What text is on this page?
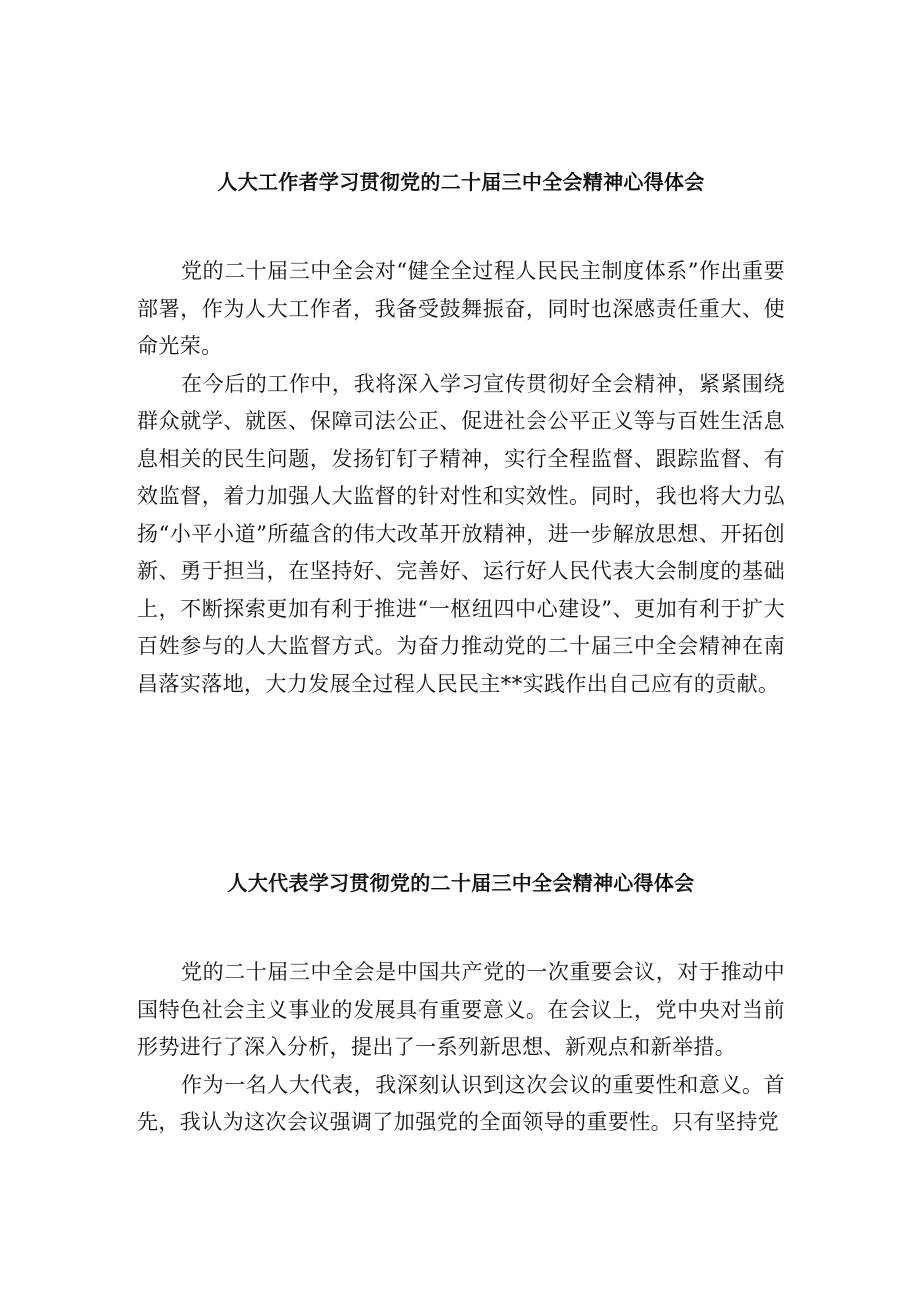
人大工作者学习贯彻党的二十届三中全会精神心得体会

党的二十届三中全会对“健全全过程人民民主制度体系”作出重要部署，作为人大工作者，我备受鼓舞振奋，同时也深感责任重大、使命光荣。

在今后的工作中，我将深入学习宣传贯彻好全会精神，紧紧围绕群众就学、就医、保障司法公正、促进社会公平正义等与百姓生活息息相关的民生问题，发扬钉钉子精神，实行全程监督、跟踪监督、有效监督，着力加强人大监督的针对性和实效性。同时，我也将大力弘扬“小平小道”所蕴含的伟大改革开放精神，进一步解放思想、开拓创新、勇于担当，在坚持好、完善好、运行好人民代表大会制度的基础上，不断探索更加有利于推进“一枢纽四中心建设”、更加有利于扩大百姓参与的人大监督方式。为奋力推动党的二十届三中全会精神在南昌落实落地，大力发展全过程人民民主**实践作出自己应有的贡献。

人大代表学习贯彻党的二十届三中全会精神心得体会

党的二十届三中全会是中国共产党的一次重要会议，对于推动中国特色社会主义事业的发展具有重要意义。在会议上，党中央对当前形势进行了深入分析，提出了一系列新思想、新观点和新举措。

作为一名人大代表，我深刻认识到这次会议的重要性和意义。首先，我认为这次会议强调了加强党的全面领导的重要性。只有坚持党
